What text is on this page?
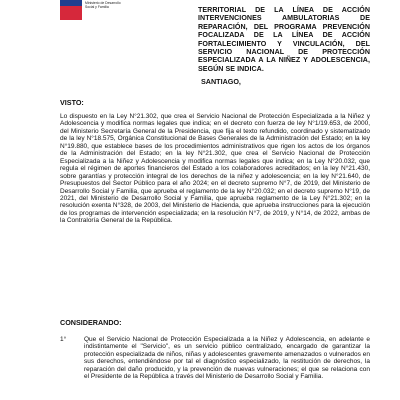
Ministerio de Desarrollo Social y Familia	TERRITORIAL DE LA LÍNEA DE ACCIÓN INTERVENCIONES AMBULATORIAS DE REPARACIÓN, DEL PROGRAMA PREVENCIÓN FOCALIZADA DE LA LÍNEA DE ACCIÓN FORTALECIMIENTO Y VINCULACIÓN, DEL SERVICIO NACIONAL DE PROTECCIÓN ESPECIALIZADA A LA NIÑEZ Y ADOLESCENCIA, SEGÚN SE INDICA.
SANTIAGO,
VISTO:
Lo dispuesto en la Ley N°21.302, que crea el Servicio Nacional de Protección Especializada a la Niñez y Adolescencia y modifica normas legales que indica; en el decreto con fuerza de ley N°1/19.653, de 2000, del Ministerio Secretaría General de la Presidencia, que fija el texto refundido, coordinado y sistematizado de la ley N°18.575, Orgánica Constitucional de Bases Generales de la Administración del Estado; en la ley N°19.880, que establece bases de los procedimientos administrativos que rigen los actos de los órganos de la Administración del Estado; en la ley N°21.302, que crea el Servicio Nacional de Protección Especializada a la Niñez y Adolescencia y modifica normas legales que indica; en la Ley N°20.032, que regula el régimen de aportes financieros del Estado a los colaboradores acreditados; en la ley N°21.430, sobre garantías y protección integral de los derechos de la niñez y adolescencia; en la ley N°21.640, de Presupuestos del Sector Público para el año 2024; en el decreto supremo N°7, de 2019, del Ministerio de Desarrollo Social y Familia, que aprueba el reglamento de la ley N°20.032; en el decreto supremo N°19, de 2021, del Ministerio de Desarrollo Social y Familia, que aprueba reglamento de la Ley N°21.302; en la resolución exenta N°328, de 2003, del Ministerio de Hacienda, que aprueba instrucciones para la ejecución de los programas de intervención especializada; en la resolución N°7, de 2019, y N°14, de 2022, ambas de la Contraloría General de la República.
CONSIDERANDO:
1°	Que el Servicio Nacional de Protección Especializada a la Niñez y Adolescencia, en adelante e indistintamente el "Servicio", es un servicio público centralizado, encargado de garantizar la protección especializada de niños, niñas y adolescentes gravemente amenazados o vulnerados en sus derechos, entendiéndose por tal el diagnóstico especializado, la restitución de derechos, la reparación del daño producido, y la prevención de nuevas vulneraciones; el que se relaciona con el Presidente de la República a través del Ministerio de Desarrollo Social y Familia.
